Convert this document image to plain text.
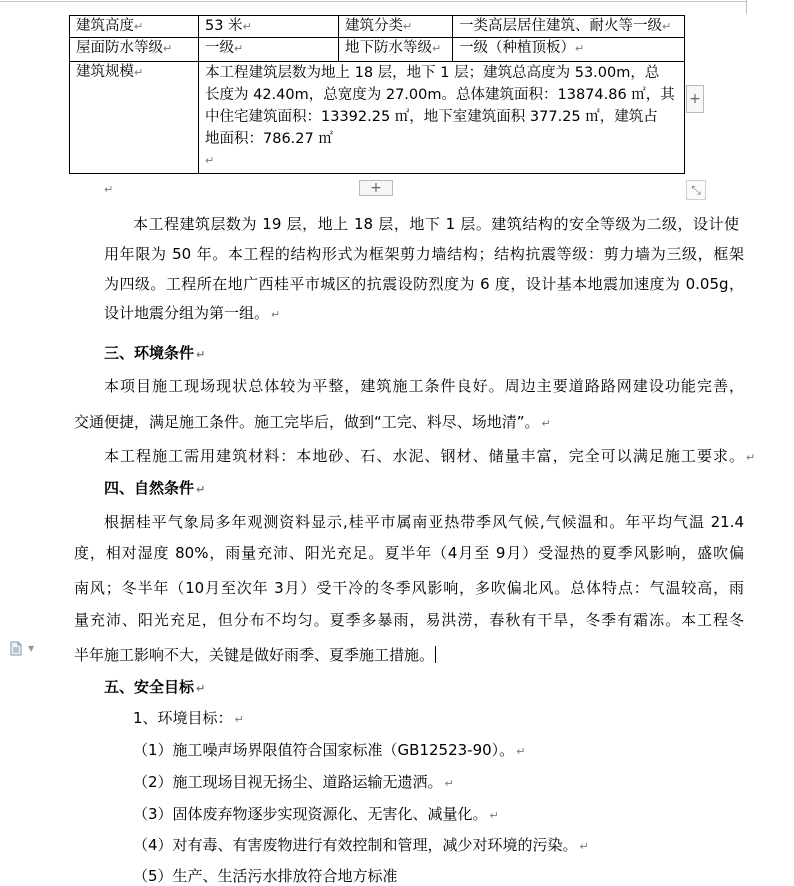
建筑高度↵	53 米↵	建筑分类↵	一类高层居住建筑、耐火等一级↵
屋面防水等级↵	一级↵	地下防水等级↵	一级（种植顶板）↵
建筑规模↵	本工程建筑层数为地上 18 层，地下 1 层；建筑总高度为 53.00m，总
长度为 42.40m，总宽度为 27.00m。总体建筑面积：13874.86 ㎡，其
中住宅建筑面积：13392.25 ㎡，地下室建筑面积 377.25 ㎡，建筑占
地面积：786.27 ㎡
↵		
+
+	⤡
↵
本工程建筑层数为 19 层，地上 18 层，地下 1 层。建筑结构的安全等级为二级，设计使
用年限为 50 年。本工程的结构形式为框架剪力墙结构；结构抗震等级：剪力墙为三级，框架
为四级。工程所在地广西桂平市城区的抗震设防烈度为 6 度，设计基本地震加速度为 0.05g，
设计地震分组为第一组。 ↵
三、环境条件 ↵
本项目施工现场现状总体较为平整，建筑施工条件良好。周边主要道路路网建设功能完善，
交通便捷，满足施工条件。施工完毕后，做到“工完、料尽、场地清”。 ↵
本工程施工需用建筑材料：本地砂、石、水泥、钢材、储量丰富，完全可以满足施工要求。 ↵
四、自然条件 ↵
根据桂平气象局多年观测资料显示,桂平市属南亚热带季风气候,气候温和。年平均气温 21.4
度，相对湿度 80%，雨量充沛、阳光充足。夏半年（4月至 9月）受湿热的夏季风影响，盛吹偏
南风；冬半年（10月至次年 3月）受干冷的冬季风影响，多吹偏北风。总体特点：气温较高，雨
量充沛、阳光充足，但分布不均匀。夏季多暴雨，易洪涝，春秋有干旱，冬季有霜冻。本工程冬
半年施工影响不大，关键是做好雨季、夏季施工措施。
五、安全目标 ↵
1、环境目标： ↵
（1）施工噪声场界限值符合国家标准（GB12523-90）。 ↵
（2）施工现场目视无扬尘、道路运输无遗洒。 ↵
（3）固体废弃物逐步实现资源化、无害化、减量化。 ↵
（4）对有毒、有害废物进行有效控制和管理，减少对环境的污染。 ↵
（5）生产、生活污水排放符合地方标准
▼
